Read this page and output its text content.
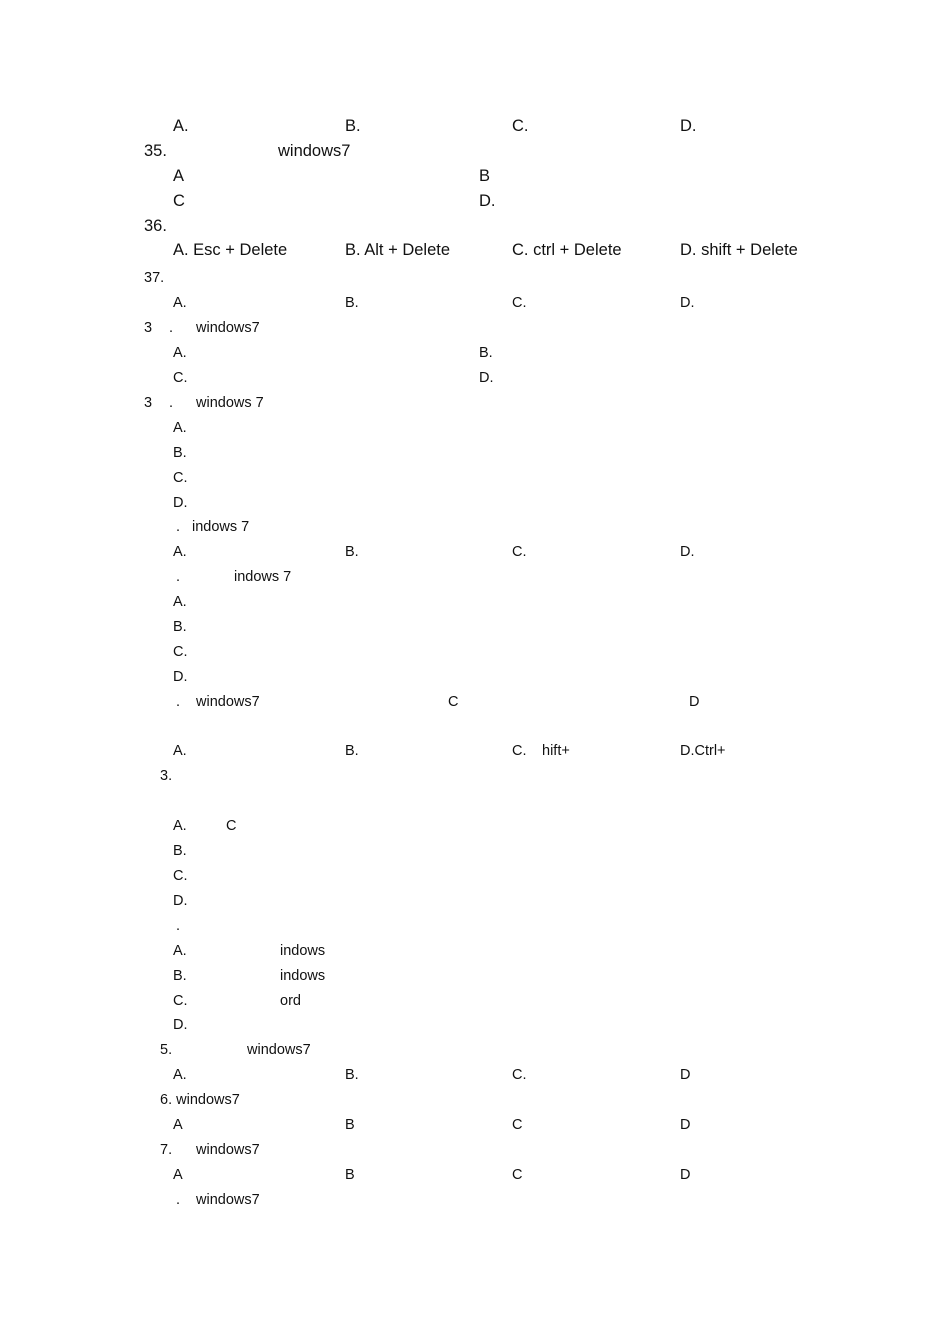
A.	B.	C.	D.
35.	windows7
A	B
C	D.
36.
A. Esc + Delete	B. Alt + Delete	C. ctrl + Delete	D. shift + Delete
37.
A.	B.	C.	D.
3 . windows7
A.	B.
C.	D.
3 . windows 7
A.
B.
C.
D.
. indows 7
A.	B.	C.	D.
.	indows 7
A.
B.
C.
D.
. windows7	C	D
A.	B.	C. hift+	D.Ctrl+
3.
A.	C
B.
C.
D.
.
A.	indows
B.	indows
C.	ord
D.
5.	windows7
A.	B.	C.	D
6. windows7
A	B	C	D
7. windows7
A	B	C	D
. windows7
